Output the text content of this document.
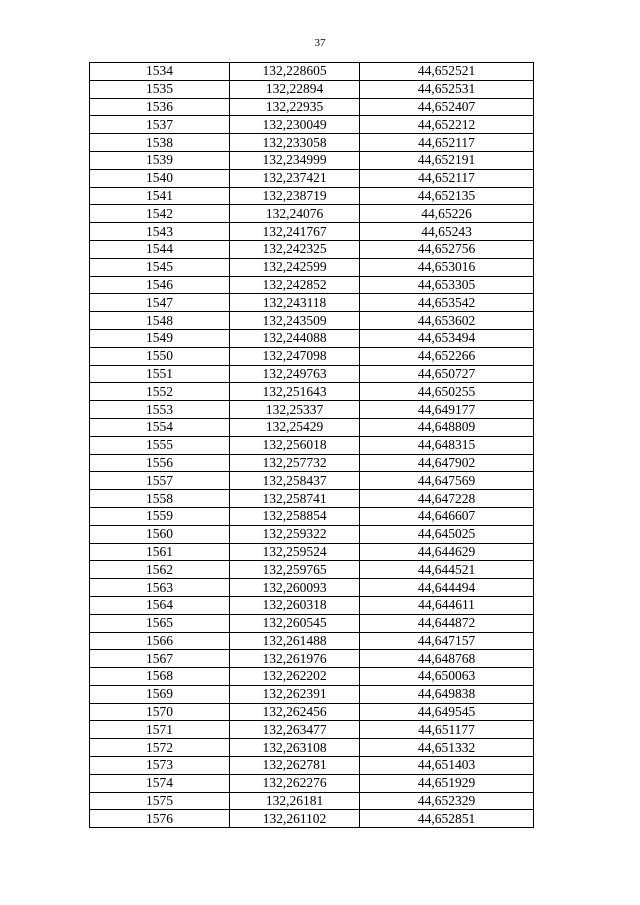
37
1534	132,228605	44,652521
1535	132,22894	44,652531
1536	132,22935	44,652407
1537	132,230049	44,652212
1538	132,233058	44,652117
1539	132,234999	44,652191
1540	132,237421	44,652117
1541	132,238719	44,652135
1542	132,24076	44,65226
1543	132,241767	44,65243
1544	132,242325	44,652756
1545	132,242599	44,653016
1546	132,242852	44,653305
1547	132,243118	44,653542
1548	132,243509	44,653602
1549	132,244088	44,653494
1550	132,247098	44,652266
1551	132,249763	44,650727
1552	132,251643	44,650255
1553	132,25337	44,649177
1554	132,25429	44,648809
1555	132,256018	44,648315
1556	132,257732	44,647902
1557	132,258437	44,647569
1558	132,258741	44,647228
1559	132,258854	44,646607
1560	132,259322	44,645025
1561	132,259524	44,644629
1562	132,259765	44,644521
1563	132,260093	44,644494
1564	132,260318	44,644611
1565	132,260545	44,644872
1566	132,261488	44,647157
1567	132,261976	44,648768
1568	132,262202	44,650063
1569	132,262391	44,649838
1570	132,262456	44,649545
1571	132,263477	44,651177
1572	132,263108	44,651332
1573	132,262781	44,651403
1574	132,262276	44,651929
1575	132,26181	44,652329
1576	132,261102	44,652851
